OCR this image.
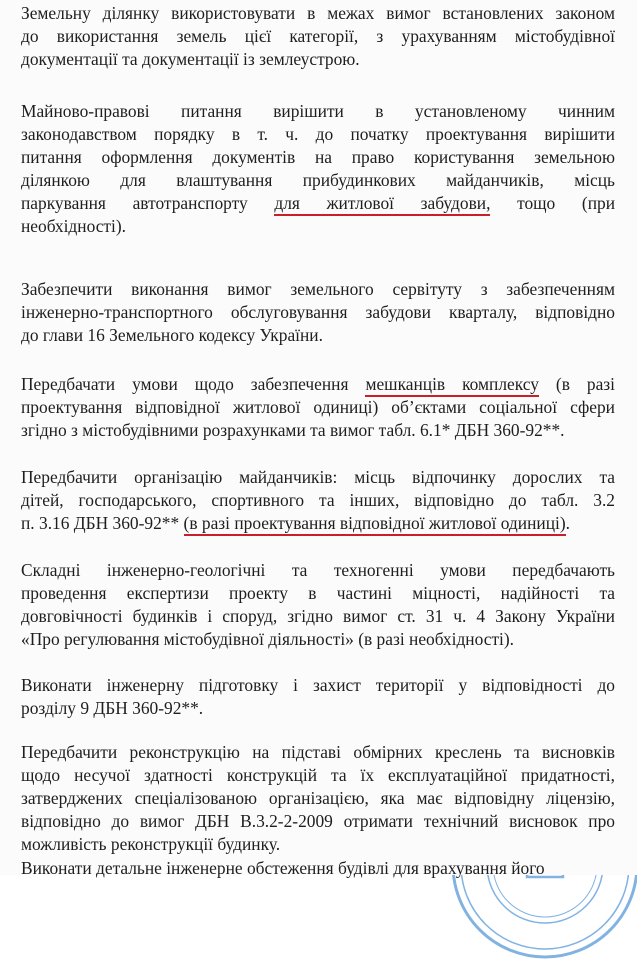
Земельну ділянку використовувати в межах вимог встановлених законом
до використання земель цієї категорії, з урахуванням містобудівної
документації та документації із землеустрою.
Майново-правові питання вирішити в установленому чинним
законодавством порядку в т. ч. до початку проектування вирішити
питання оформлення документів на право користування земельною
ділянкою для влаштування прибудинкових майданчиків, місць
паркування автотранспорту для житлової забудови, тощо (при
необхідності).
Забезпечити виконання вимог земельного сервітуту з забезпеченням
інженерно-транспортного обслуговування забудови кварталу, відповідно
до глави 16 Земельного кодексу України.
Передбачати умови щодо забезпечення мешканців комплексу (в разі
проектування відповідної житлової одиниці) об’єктами соціальної сфери
згідно з містобудівними розрахунками та вимог табл. 6.1* ДБН 360-92**.
Передбачити організацію майданчиків: місць відпочинку дорослих та
дітей, господарського, спортивного та інших, відповідно до табл. 3.2
п. 3.16 ДБН 360-92** (в разі проектування відповідної житлової одиниці).
Складні інженерно-геологічні та техногенні умови передбачають
проведення експертизи проекту в частині міцності, надійності та
довговічності будинків і споруд, згідно вимог ст. 31 ч. 4 Закону України
«Про регулювання містобудівної діяльності» (в разі необхідності).
Виконати інженерну підготовку і захист території у відповідності до
розділу 9 ДБН 360-92**.
Передбачити реконструкцію на підставі обмірних креслень та висновків
щодо несучої здатності конструкцій та їх експлуатаційної придатності,
затверджених спеціалізованою організацією, яка має відповідну ліцензію,
відповідно до вимог ДБН В.3.2-2-2009 отримати технічний висновок про
можливість реконструкції будинку.
Виконати детальне інженерне обстеження будівлі для врахування його
